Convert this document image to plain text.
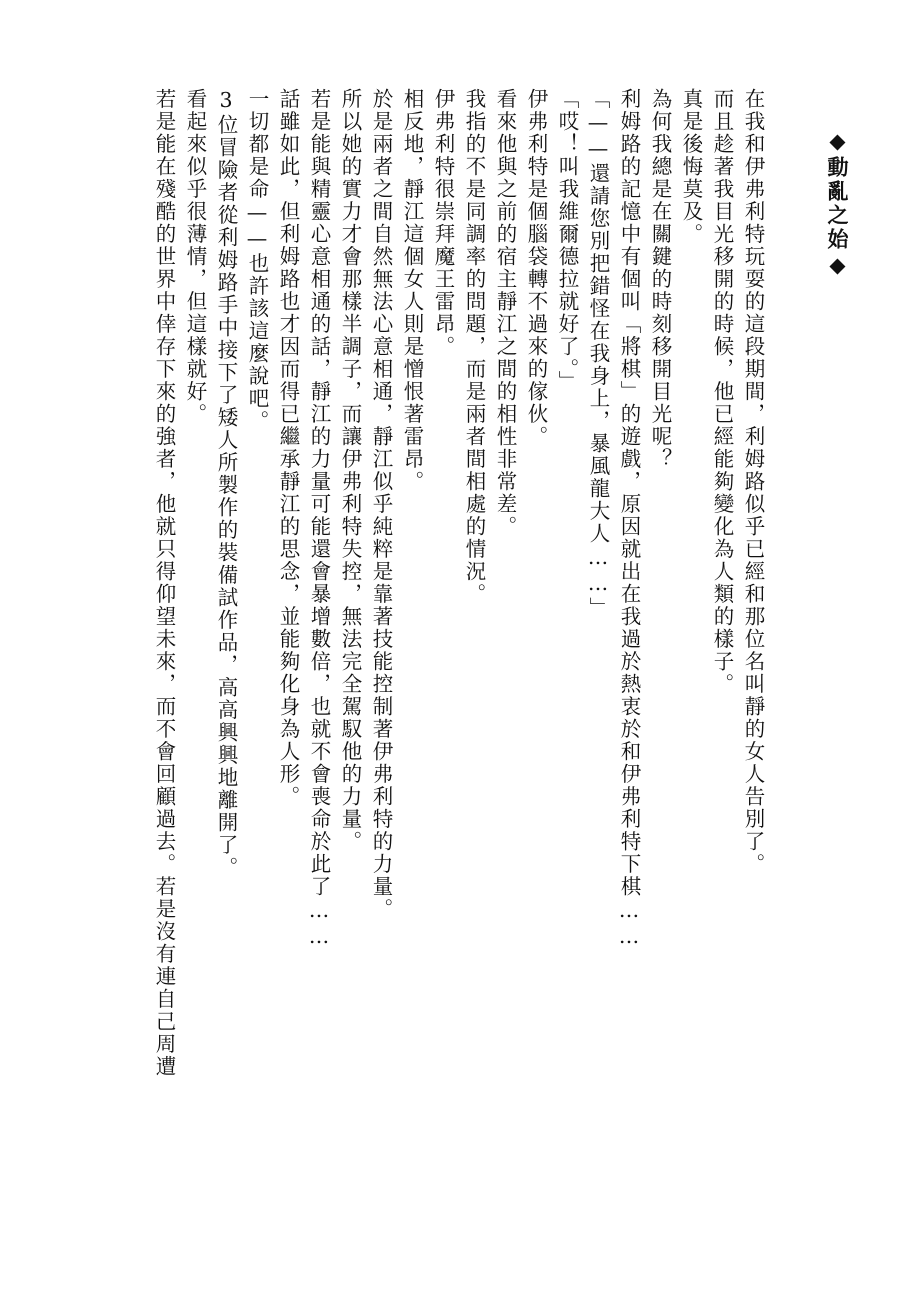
◆動亂之始◆
在我和伊弗利特玩耍的這段期間，利姆路似乎已經和那位名叫靜的女人告別了。
而且趁著我目光移開的時候，他已經能夠變化為人類的樣子。
真是後悔莫及。
為何我總是在關鍵的時刻移開目光呢？
利姆路的記憶中有個叫「將棋」的遊戲，原因就出在我過於熱衷於和伊弗利特下棋……
「——還請您別把錯怪在我身上，暴風龍大人……」
「哎！叫我維爾德拉就好了。」
伊弗利特是個腦袋轉不過來的傢伙。
看來他與之前的宿主靜江之間的相性非常差。
我指的不是同調率的問題，而是兩者間相處的情況。
伊弗利特很崇拜魔王雷昂。
相反地，靜江這個女人則是憎恨著雷昂。
於是兩者之間自然無法心意相通，靜江似乎純粹是靠著技能控制著伊弗利特的力量。
所以她的實力才會那樣半調子，而讓伊弗利特失控，無法完全駕馭他的力量。
若是能與精靈心意相通的話，靜江的力量可能還會暴增數倍，也就不會喪命於此了……
話雖如此，但利姆路也才因而得已繼承靜江的思念，並能夠化身為人形。
一切都是命——也許該這麼說吧。
3位冒險者從利姆路手中接下了矮人所製作的裝備試作品，高高興興地離開了。
看起來似乎很薄情，但這樣就好。
若是能在殘酷的世界中倖存下來的強者，他就只得仰望未來，而不會回顧過去。若是沒有連自己周遭
